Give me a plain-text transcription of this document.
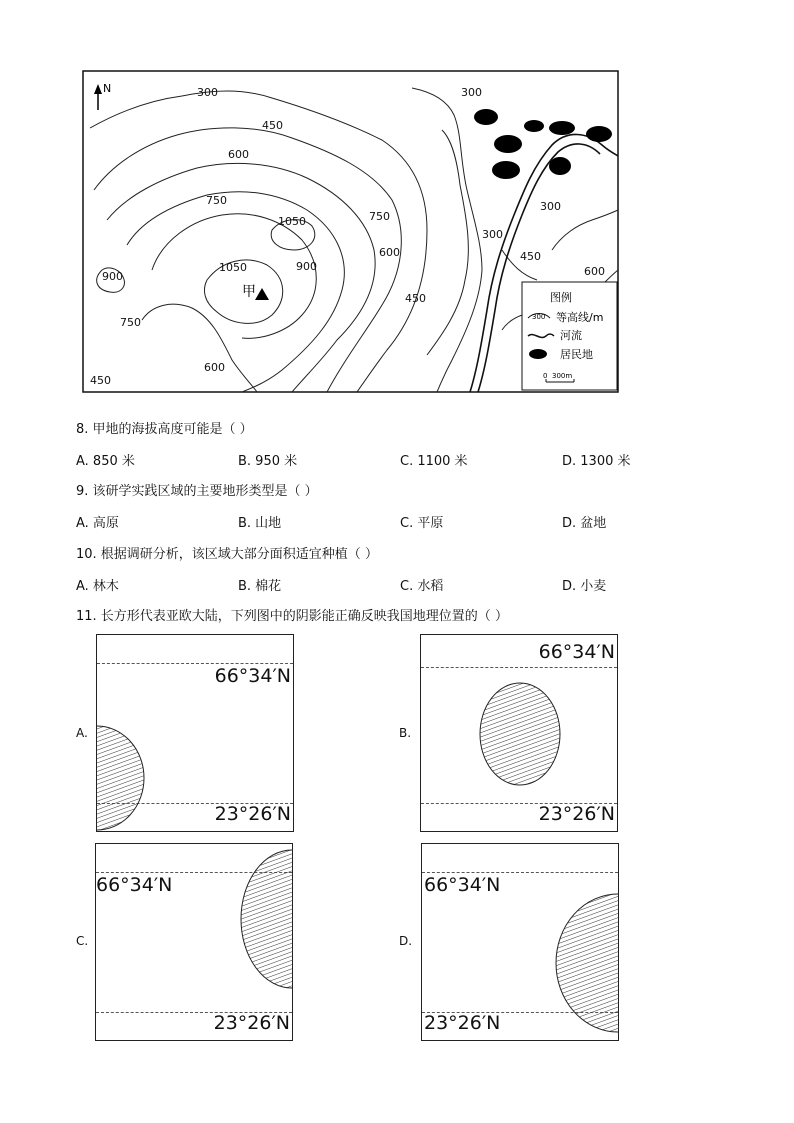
N	300
450
600
750
1050
1050	900
750
600
900
750
600
450
450
600
300
300
300
450
甲	图例
300 等高线/m
河流
居民地
0 300m
8. 甲地的海拔高度可能是（ ）
A. 850 米	B. 950 米	C. 1100 米	D. 1300 米
9. 该研学实践区域的主要地形类型是（ ）
A. 高原	B. 山地	C. 平原	D. 盆地
10. 根据调研分析，该区域大部分面积适宜种植（ ）
A. 林木	B. 棉花	C. 水稻	D. 小麦
11. 长方形代表亚欧大陆，下列图中的阴影能正确反映我国地理位置的（ ）
A.
66°34′N
23°26′N
B.
66°34′N
23°26′N
C.
66°34′N
23°26′N
D.
66°34′N
23°26′N
